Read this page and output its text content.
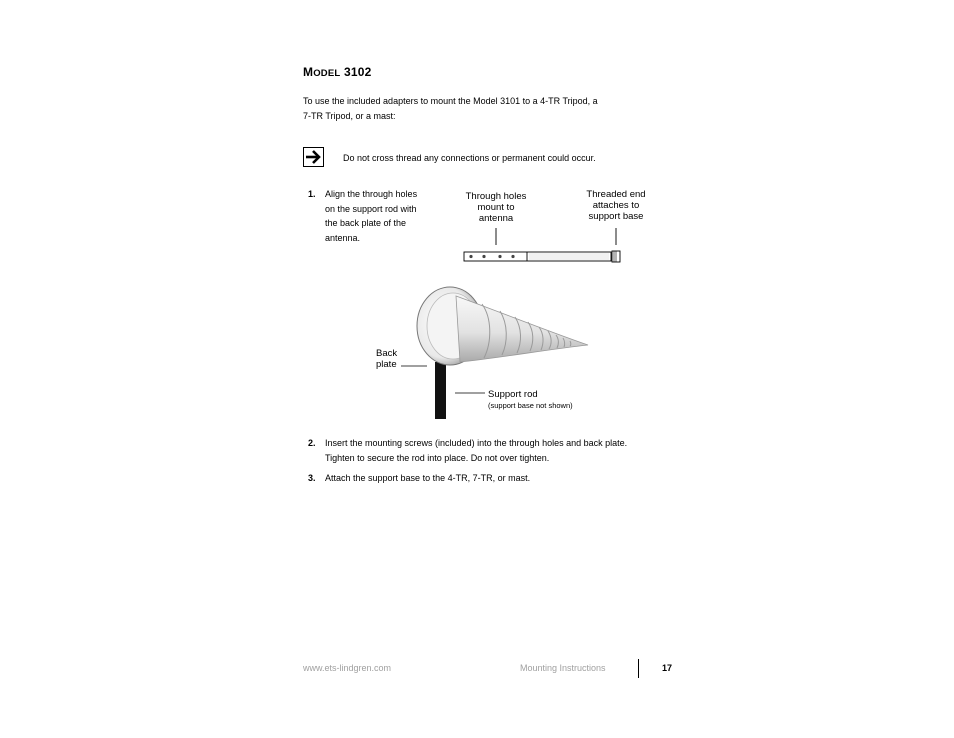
MODEL 3102
To use the included adapters to mount the Model 3101 to a 4-TR Tripod, a
7-TR Tripod, or a mast:
Do not cross thread any connections or permanent could occur.
1. Align the through holes
on the support rod with
the back plate of the
antenna.
Through holes
mount to
antenna
Threaded end
attaches to
support base
Back
plate
Support rod
(support base not shown)
2. Insert the mounting screws (included) into the through holes and back plate.
Tighten to secure the rod into place. Do not over tighten.
3. Attach the support base to the 4-TR, 7-TR, or mast.
www.ets-lindgren.com	Mounting Instructions	17
